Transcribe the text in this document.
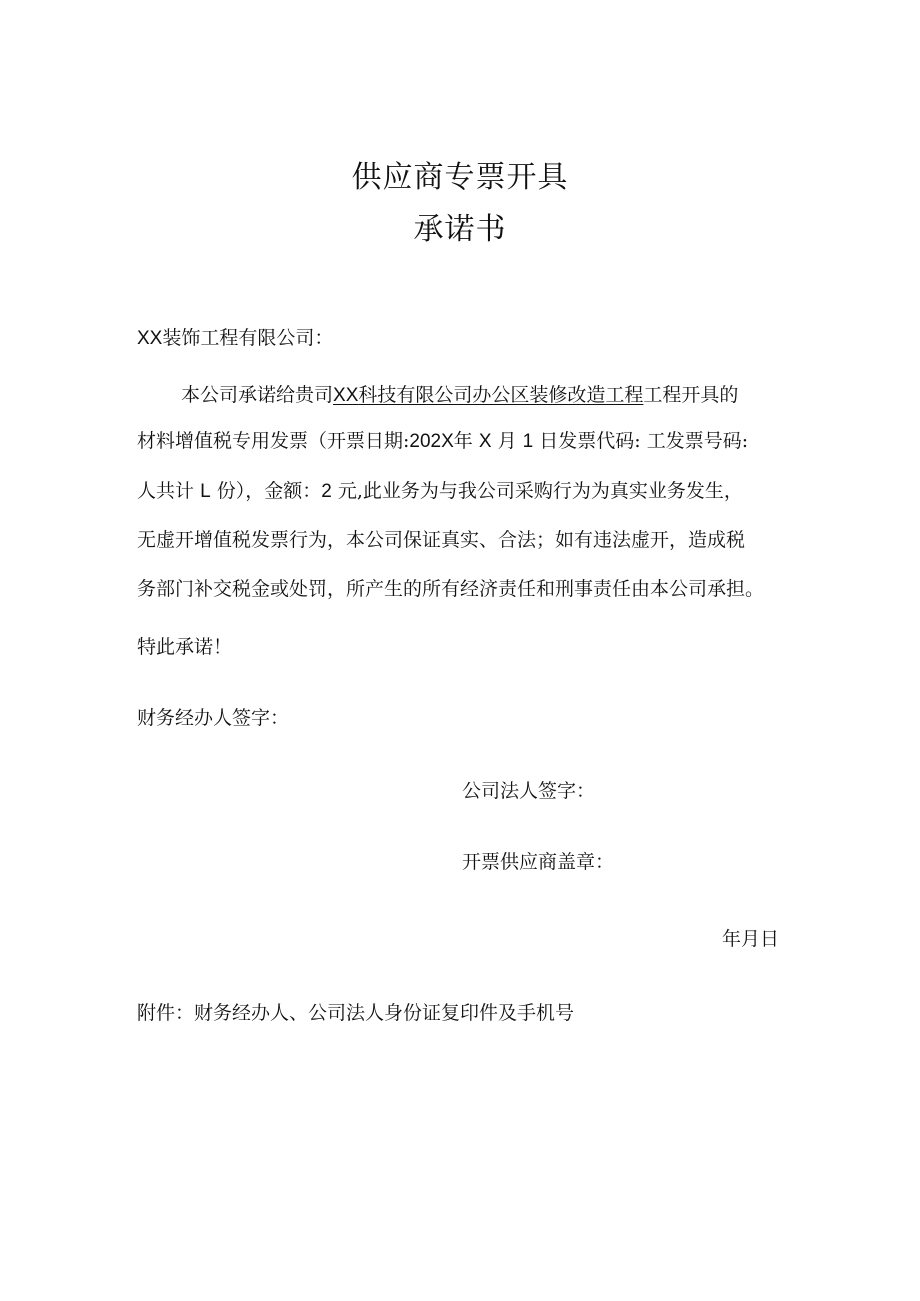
供应商专票开具
承诺书
XX装饰工程有限公司：
本公司承诺给贵司XX科技有限公司办公区装修改造工程工程开具的
材料增值税专用发票（开票日期:202X年 X 月 1 日发票代码: 工发票号码:
人共计 L 份），金额：2 元,此业务为与我公司采购行为为真实业务发生，
无虚开增值税发票行为，本公司保证真实、合法；如有违法虚开，造成税
务部门补交税金或处罚，所产生的所有经济责任和刑事责任由本公司承担。
特此承诺！
财务经办人签字：
公司法人签字：
开票供应商盖章：
年月日
附件：财务经办人、公司法人身份证复印件及手机号
